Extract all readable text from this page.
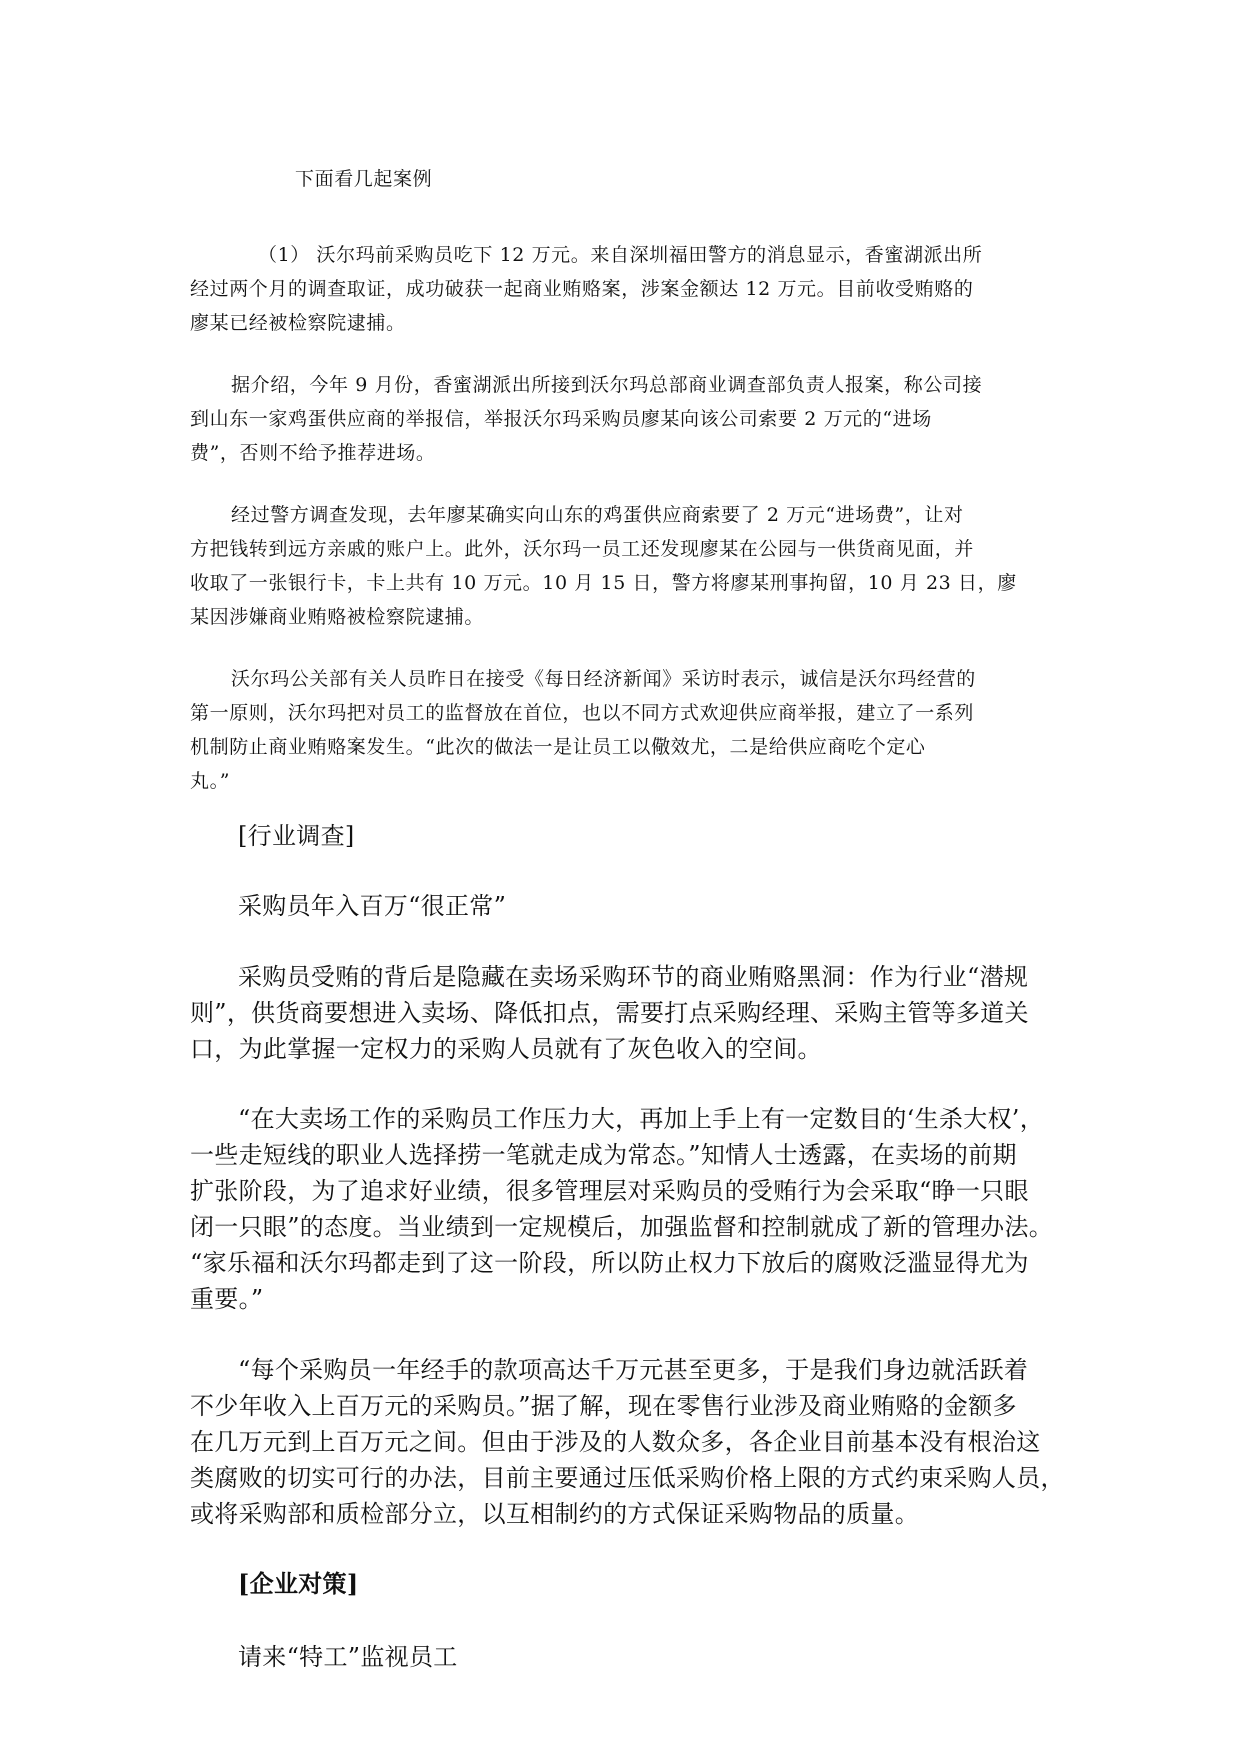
下面看几起案例
（1） 沃尔玛前采购员吃下 12 万元。来自深圳福田警方的消息显示，香蜜湖派出所
经过两个月的调查取证，成功破获一起商业贿赂案，涉案金额达 12 万元。目前收受贿赂的
廖某已经被检察院逮捕。
据介绍，今年 9 月份，香蜜湖派出所接到沃尔玛总部商业调查部负责人报案，称公司接
到山东一家鸡蛋供应商的举报信，举报沃尔玛采购员廖某向该公司索要 2 万元的“进场
费”，否则不给予推荐进场。
经过警方调查发现，去年廖某确实向山东的鸡蛋供应商索要了 2 万元“进场费”，让对
方把钱转到远方亲戚的账户上。此外，沃尔玛一员工还发现廖某在公园与一供货商见面，并
收取了一张银行卡，卡上共有 10 万元。10 月 15 日，警方将廖某刑事拘留，10 月 23 日，廖
某因涉嫌商业贿赂被检察院逮捕。
沃尔玛公关部有关人员昨日在接受《每日经济新闻》采访时表示，诚信是沃尔玛经营的
第一原则，沃尔玛把对员工的监督放在首位，也以不同方式欢迎供应商举报，建立了一系列
机制防止商业贿赂案发生。“此次的做法一是让员工以儆效尤，二是给供应商吃个定心
丸。”
[行业调查]
采购员年入百万“很正常”
采购员受贿的背后是隐藏在卖场采购环节的商业贿赂黑洞：作为行业“潜规
则”，供货商要想进入卖场、降低扣点，需要打点采购经理、采购主管等多道关
口，为此掌握一定权力的采购人员就有了灰色收入的空间。
“在大卖场工作的采购员工作压力大，再加上手上有一定数目的‘生杀大权’，
一些走短线的职业人选择捞一笔就走成为常态。”知情人士透露，在卖场的前期
扩张阶段，为了追求好业绩，很多管理层对采购员的受贿行为会采取“睁一只眼
闭一只眼”的态度。当业绩到一定规模后，加强监督和控制就成了新的管理办法。
“家乐福和沃尔玛都走到了这一阶段，所以防止权力下放后的腐败泛滥显得尤为
重要。”
“每个采购员一年经手的款项高达千万元甚至更多，于是我们身边就活跃着
不少年收入上百万元的采购员。”据了解，现在零售行业涉及商业贿赂的金额多
在几万元到上百万元之间。但由于涉及的人数众多，各企业目前基本没有根治这
类腐败的切实可行的办法，目前主要通过压低采购价格上限的方式约束采购人员，
或将采购部和质检部分立，以互相制约的方式保证采购物品的质量。
[企业对策]
请来“特工”监视员工
